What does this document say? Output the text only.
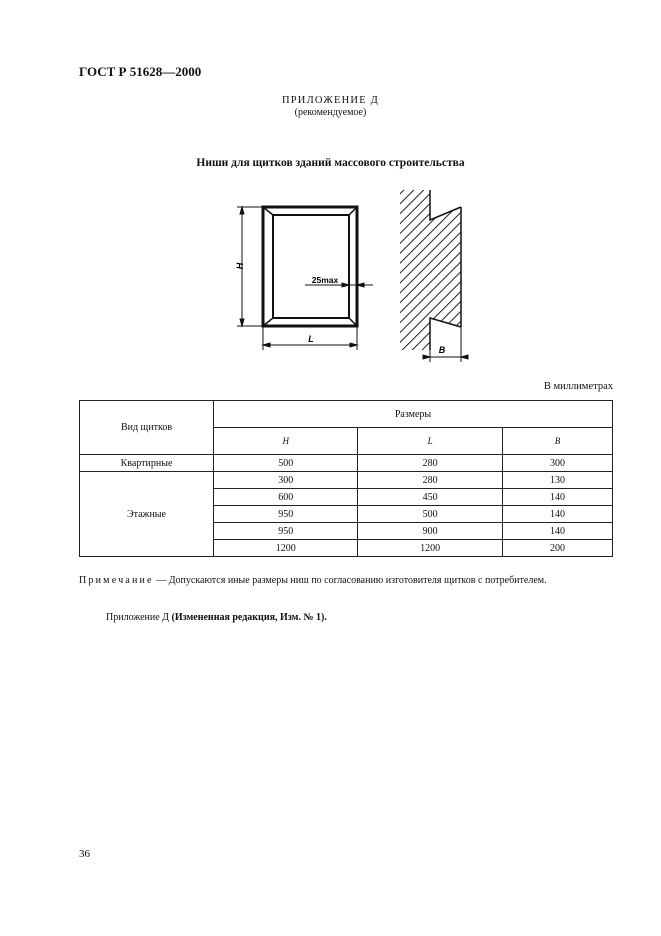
ГОСТ Р 51628—2000
ПРИЛОЖЕНИЕ Д
(рекомендуемое)
Ниши для щитков зданий массового строительства
H
L
25max
B
В миллиметрах
Вид щитков	Размеры		
	H	L	B
Квартирные	500	280	300
Этажные	300	280	130
	600	450	140
	950	500	140
	950	900	140
	1200	1200	200
Примечание — Допускаются иные размеры ниш по согласованию изготовителя щитков с потребителем.
Приложение Д (Измененная редакция, Изм. № 1).
36
